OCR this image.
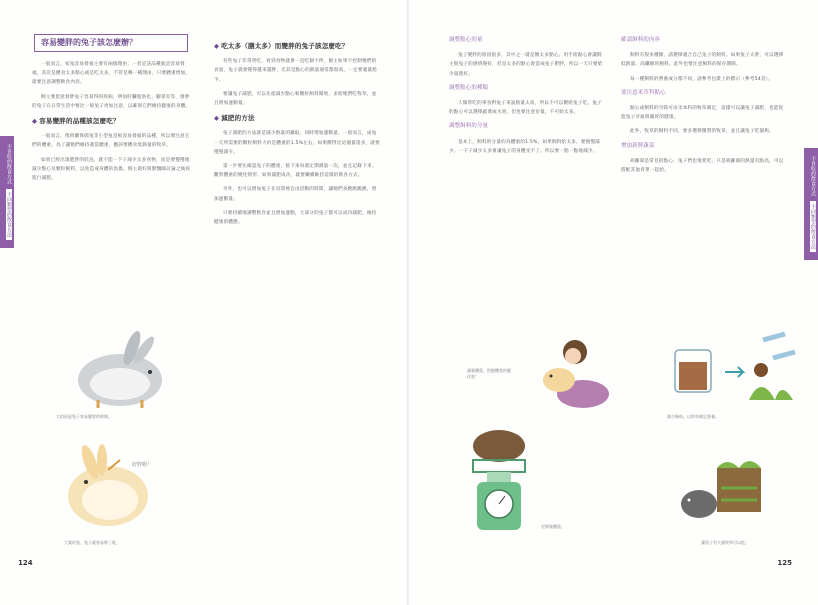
不肯吃的飲食方式 不同類型的飲食方法
容易變胖的兔子該怎麼辦？

一般而言，家兔容易發福主要有兩個理由：一者是該品種就是容易發福，其次是餵食太多點心或是吃太多，不管是哪一種理由，只要體重增加，就要注意調整飲食內容。

飼主要留意發胖兔子容易得的疾病，例如肝臟脂肪化、腳掌炎等，發胖的兔子在日常生活中要比一般兔子更加注意，以確保它們維持健康的身體。

◆ 容易變胖的品種該怎麼吃？

一般而言，像荷蘭侏儒兔等小型兔是較容易發福的品種，所以要注意它們的體重。為了讓牠們維持適當體重，應該要餵食低熱量的牧草。

如果已經出現肥胖的狀況，就不能一下子減少太多食物，而是要慢慢地減少點心及顆粒飼料，以免造成身體的負擔。飼主最好與獸醫師討論之後再進行減肥。

大的因是兔子容易變胖的時期。
好胖喔！
大隻的兔，兔子就容易胖了呢。
◆ 吃太多（膳太多）而變胖的兔子該怎麼吃？

有些兔子非常貪吃，看到食物就會一直吃個不停，飼主如果不控制牠們的食量，兔子就會變得越來越胖，尤其是點心的熱量通常都很高，一定要適量給予。

要讓兔子減肥，可以先從減少點心和顆粒飼料開始，多給牠們吃牧草，並且增加運動量。

◆ 減肥的方法

兔子減肥的方法就是減少熱量的攝取，同時增加運動量。一般而言，成兔一天所需要的顆粒飼料大約是體重的1.5%左右，如果餵得比這個量還多，就要慢慢減少。

第一步要先確認兔子的體重，接下來每週定期測量一次，並且記錄下來，觀察體重的變化情形。如果減肥成功，就要繼續維持這樣的飲食方式。

另外，也可以增加兔子在房間裡自由活動的時間，讓牠們多跑跑跳跳，增加運動量。

只要持續地調整飲食並且增加運動，大部分的兔子都可以成功減肥，維持健康的體態。

124
調整點心的量

兔子變胖的原因很多，其中之一就是餵太多點心。用手給點心會讓飼主與兔子的感情變好，但是太多的點心會造成兔子肥胖，所以一天只要給少量就好。

調整點心的種類

人類常吃的零食對兔子來說熱量太高，所以不可以餵給兔子吃。兔子的點心可以選擇蔬菜或水果，但也要注意份量，不可給太多。

調整飼料的分量

基本上，飼料的分量約為體重的1.5%，如果飼料給太多，要慢慢減少。一下子減少太多會讓兔子的身體受不了，所以要一點一點地減少。

測量體重，把握體重的變化吧！
定期量體重。
確認飼料的內容

飼料有很多種類，請選擇適合自己兔子的飼料。如果兔子太胖，可以選擇低熱量、高纖維的飼料。此外也要注意飼料的保存期限。

每一種飼料的營養成分都不同，請參考包裝上的標示（參考54頁）。

要注意米草科點心

點心或飼料的空缺可由禾本科的牧草補足，這樣可以讓兔子減肥，也能促進兔子牙齒與腸胃的健康。

此外，牧草的飼料不同，要多選擇優質的牧草，並且讓兔子吃個夠。

增加新鮮蔬菜

胡蘿蔔是常見的點心，兔子們也很愛吃，只是胡蘿蔔的熱量有點高，可以搭配其他青菜一起給。

減少飼料，以牧草補足營養。
讓兔子有大量牧草可以吃。
不肯吃的飲食方式 不同類型的飲食方法
125
